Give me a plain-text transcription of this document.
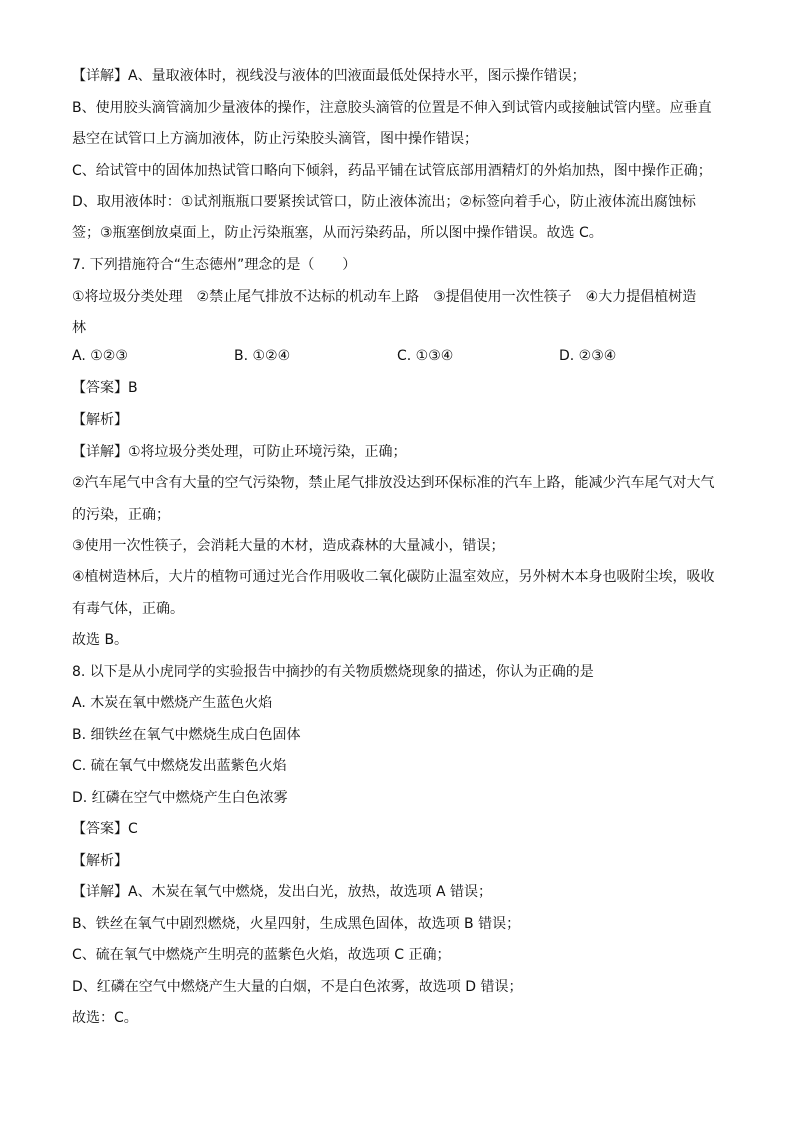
【详解】A、量取液体时，视线没与液体的凹液面最低处保持水平，图示操作错误；
B、使用胶头滴管滴加少量液体的操作，注意胶头滴管的位置是不伸入到试管内或接触试管内壁。应垂直
悬空在试管口上方滴加液体，防止污染胶头滴管，图中操作错误；
C、给试管中的固体加热试管口略向下倾斜，药品平铺在试管底部用酒精灯的外焰加热，图中操作正确；
D、取用液体时：①试剂瓶瓶口要紧挨试管口，防止液体流出；②标签向着手心，防止液体流出腐蚀标
签；③瓶塞倒放桌面上，防止污染瓶塞，从而污染药品，所以图中操作错误。故选 C。
7. 下列措施符合“生态德州”理念的是（　　）
①将垃圾分类处理　②禁止尾气排放不达标的机动车上路　③提倡使用一次性筷子　④大力提倡植树造
林
A. ①②③	B. ①②④	C. ①③④	D. ②③④
【答案】B
【解析】
【详解】①将垃圾分类处理，可防止环境污染，正确；
②汽车尾气中含有大量的空气污染物，禁止尾气排放没达到环保标准的汽车上路，能减少汽车尾气对大气
的污染，正确；
③使用一次性筷子，会消耗大量的木材，造成森林的大量减小，错误；
④植树造林后，大片的植物可通过光合作用吸收二氧化碳防止温室效应，另外树木本身也吸附尘埃，吸收
有毒气体，正确。
故选 B。
8. 以下是从小虎同学的实验报告中摘抄的有关物质燃烧现象的描述，你认为正确的是
A. 木炭在氧中燃烧产生蓝色火焰
B. 细铁丝在氧气中燃烧生成白色固体
C. 硫在氧气中燃烧发出蓝紫色火焰
D. 红磷在空气中燃烧产生白色浓雾
【答案】C
【解析】
【详解】A、木炭在氧气中燃烧，发出白光，放热，故选项 A 错误；
B、铁丝在氧气中剧烈燃烧，火星四射，生成黑色固体，故选项 B 错误；
C、硫在氧气中燃烧产生明亮的蓝紫色火焰，故选项 C 正确；
D、红磷在空气中燃烧产生大量的白烟，不是白色浓雾，故选项 D 错误；
故选：C。
